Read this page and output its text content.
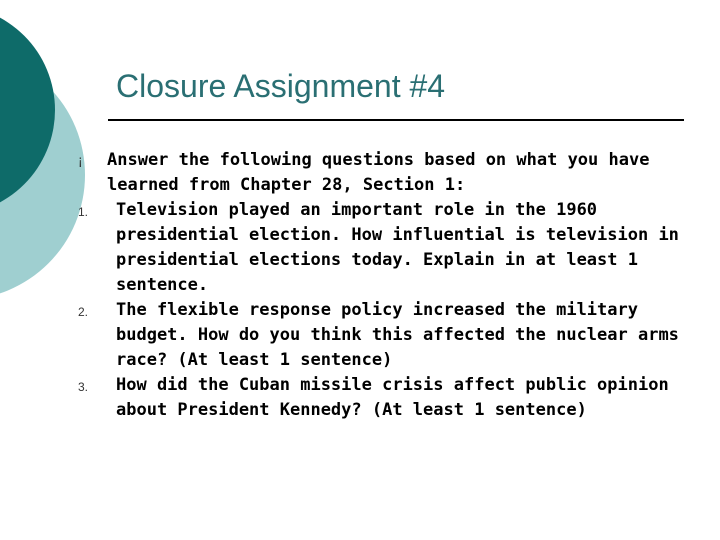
Closure Assignment #4
¡ Answer the following questions based on what you have learned from Chapter 28, Section 1:
1. Television played an important role in the 1960 presidential election. How influential is television in presidential elections today. Explain in at least 1 sentence.
2. The flexible response policy increased the military budget. How do you think this affected the nuclear arms race? (At least 1 sentence)
3. How did the Cuban missile crisis affect public opinion about President Kennedy? (At least 1 sentence)
